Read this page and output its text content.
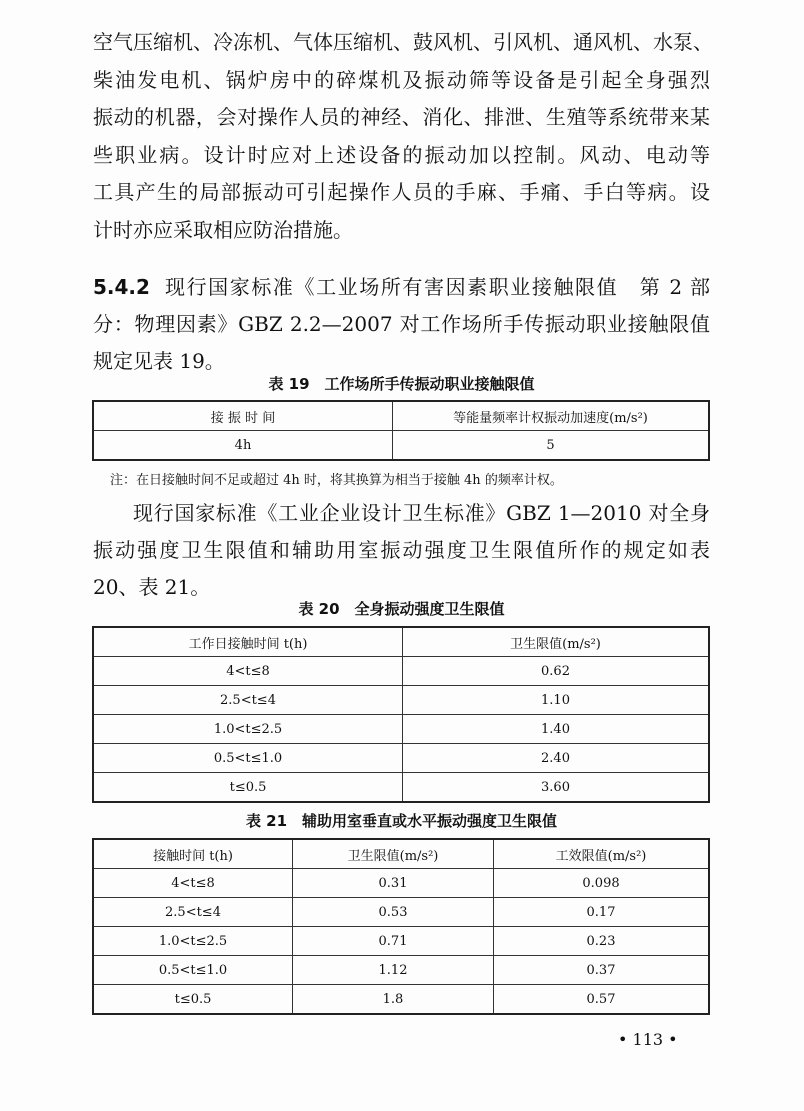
空气压缩机、冷冻机、气体压缩机、鼓风机、引风机、通风机、水泵、
柴油发电机、锅炉房中的碎煤机及振动筛等设备是引起全身强烈
振动的机器，会对操作人员的神经、消化、排泄、生殖等系统带来某
些职业病。设计时应对上述设备的振动加以控制。风动、电动等
工具产生的局部振动可引起操作人员的手麻、手痛、手白等病。设
计时亦应采取相应防治措施。
5.4.2 现行国家标准《工业场所有害因素职业接触限值　第 2 部
分：物理因素》GBZ 2.2—2007 对工作场所手传振动职业接触限值
规定见表 19。
表 19　工作场所手传振动职业接触限值
接 振 时 间	等能量频率计权振动加速度(m/s²)
4h	5
注：在日接触时间不足或超过 4h 时，将其换算为相当于接触 4h 的频率计权。
现行国家标准《工业企业设计卫生标准》GBZ 1—2010 对全身
振动强度卫生限值和辅助用室振动强度卫生限值所作的规定如表
20、表 21。
表 20　全身振动强度卫生限值
工作日接触时间 t(h)	卫生限值(m/s²)
4<t≤8	0.62
2.5<t≤4	1.10
1.0<t≤2.5	1.40
0.5<t≤1.0	2.40
t≤0.5	3.60
表 21　辅助用室垂直或水平振动强度卫生限值
接触时间 t(h)	卫生限值(m/s²)	工效限值(m/s²)
4<t≤8	0.31	0.098
2.5<t≤4	0.53	0.17
1.0<t≤2.5	0.71	0.23
0.5<t≤1.0	1.12	0.37
t≤0.5	1.8	0.57
• 113 •
